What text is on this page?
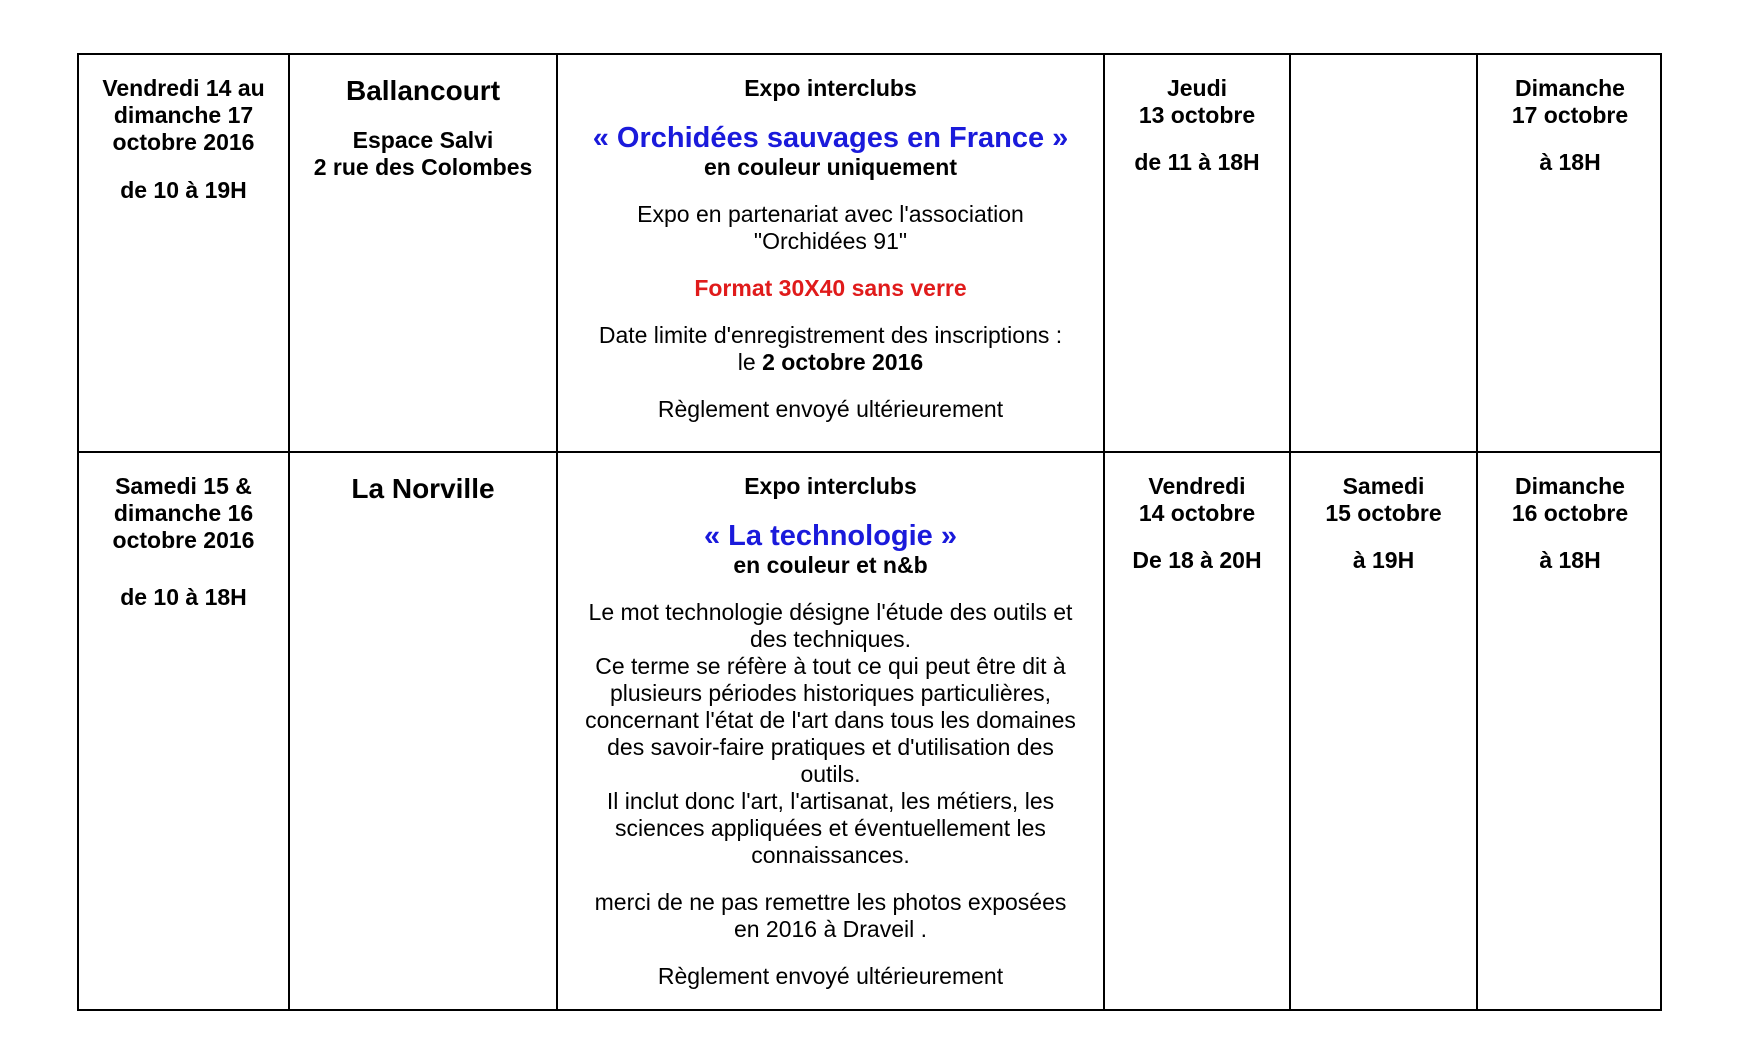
Vendredi 14 au
dimanche 17
octobre 2016
de 10 à 19H
Ballancourt
Espace Salvi
2 rue des Colombes
Expo interclubs
« Orchidées sauvages en France »
en couleur uniquement
Expo en partenariat avec l'association
"Orchidées 91"
Format 30X40 sans verre
Date limite d'enregistrement des inscriptions :
le 2 octobre 2016
Règlement envoyé ultérieurement
Jeudi
13 octobre
de 11 à 18H
Dimanche
17 octobre
à 18H
Samedi 15 &
dimanche 16
octobre 2016
de 10 à 18H
La Norville	Expo interclubs
« La technologie »
en couleur et n&b
Le mot technologie désigne l'étude des outils et
des techniques.
Ce terme se réfère à tout ce qui peut être dit à
plusieurs périodes historiques particulières,
concernant l'état de l'art dans tous les domaines
des savoir-faire pratiques et d'utilisation des
outils.
Il inclut donc l'art, l'artisanat, les métiers, les
sciences appliquées et éventuellement les
connaissances.
merci de ne pas remettre les photos exposées
en 2016 à Draveil .
Règlement envoyé ultérieurement
Vendredi
14 octobre
De 18 à 20H
Samedi
15 octobre
à 19H
Dimanche
16 octobre
à 18H
